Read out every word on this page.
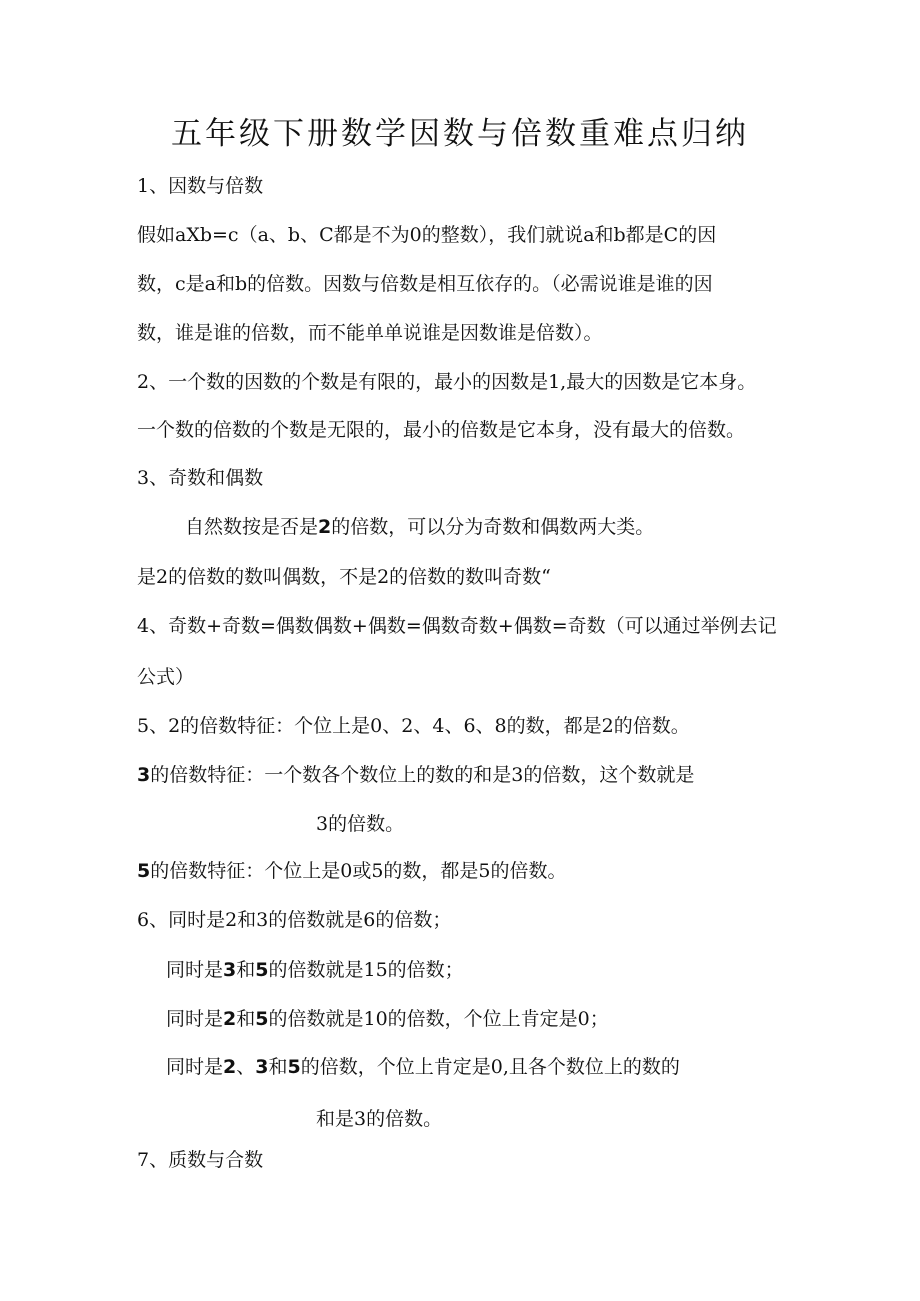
五年级下册数学因数与倍数重难点归纳
1、因数与倍数
假如aXb=c（a、b、C都是不为0的整数），我们就说a和b都是C的因
数，c是a和b的倍数。因数与倍数是相互依存的。（必需说谁是谁的因
数，谁是谁的倍数，而不能单单说谁是因数谁是倍数）。
2、一个数的因数的个数是有限的，最小的因数是1,最大的因数是它本身。
一个数的倍数的个数是无限的，最小的倍数是它本身，没有最大的倍数。
3、奇数和偶数
自然数按是否是2的倍数，可以分为奇数和偶数两大类。
是2的倍数的数叫偶数，不是2的倍数的数叫奇数“
4、奇数+奇数=偶数偶数+偶数=偶数奇数+偶数=奇数（可以通过举例去记
公式）
5、2的倍数特征：个位上是0、2、4、6、8的数，都是2的倍数。
3的倍数特征：一个数各个数位上的数的和是3的倍数，这个数就是
3的倍数。
5的倍数特征：个位上是0或5的数，都是5的倍数。
6、同时是2和3的倍数就是6的倍数；
同时是3和5的倍数就是15的倍数；
同时是2和5的倍数就是10的倍数，个位上肯定是0；
同时是2、3和5的倍数，个位上肯定是0,且各个数位上的数的
和是3的倍数。
7、质数与合数
